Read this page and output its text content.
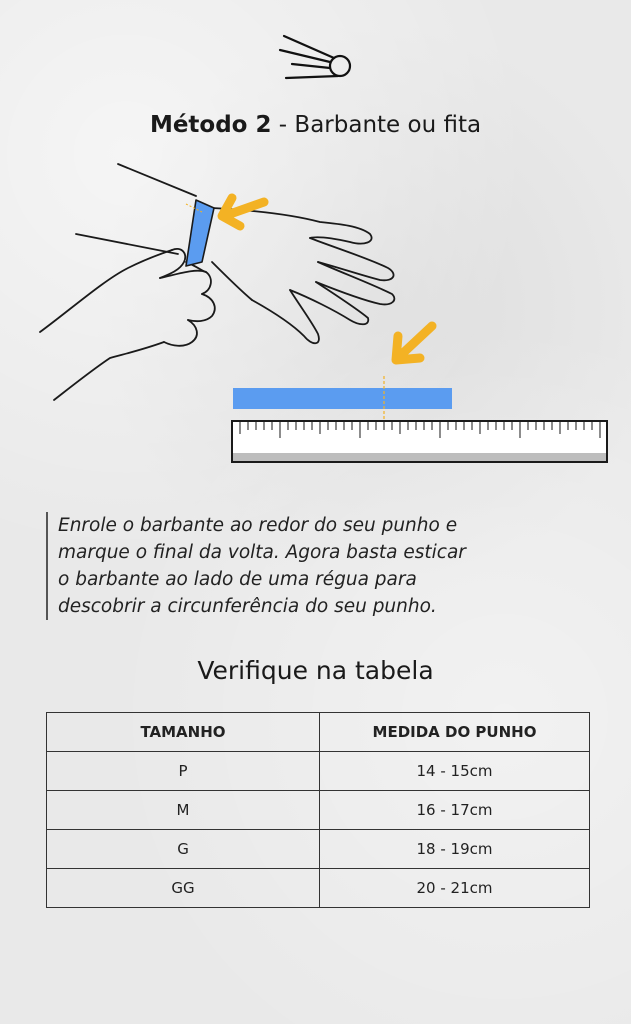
Método 2 - Barbante ou fita
Enrole o barbante ao redor do seu punho e
marque o final da volta. Agora basta esticar
o barbante ao lado de uma régua para
descobrir a circunferência do seu punho.
Verifique na tabela
TAMANHO	MEDIDA DO PUNHO
P	14 - 15cm
M	16 - 17cm
G	18 - 19cm
GG	20 - 21cm
